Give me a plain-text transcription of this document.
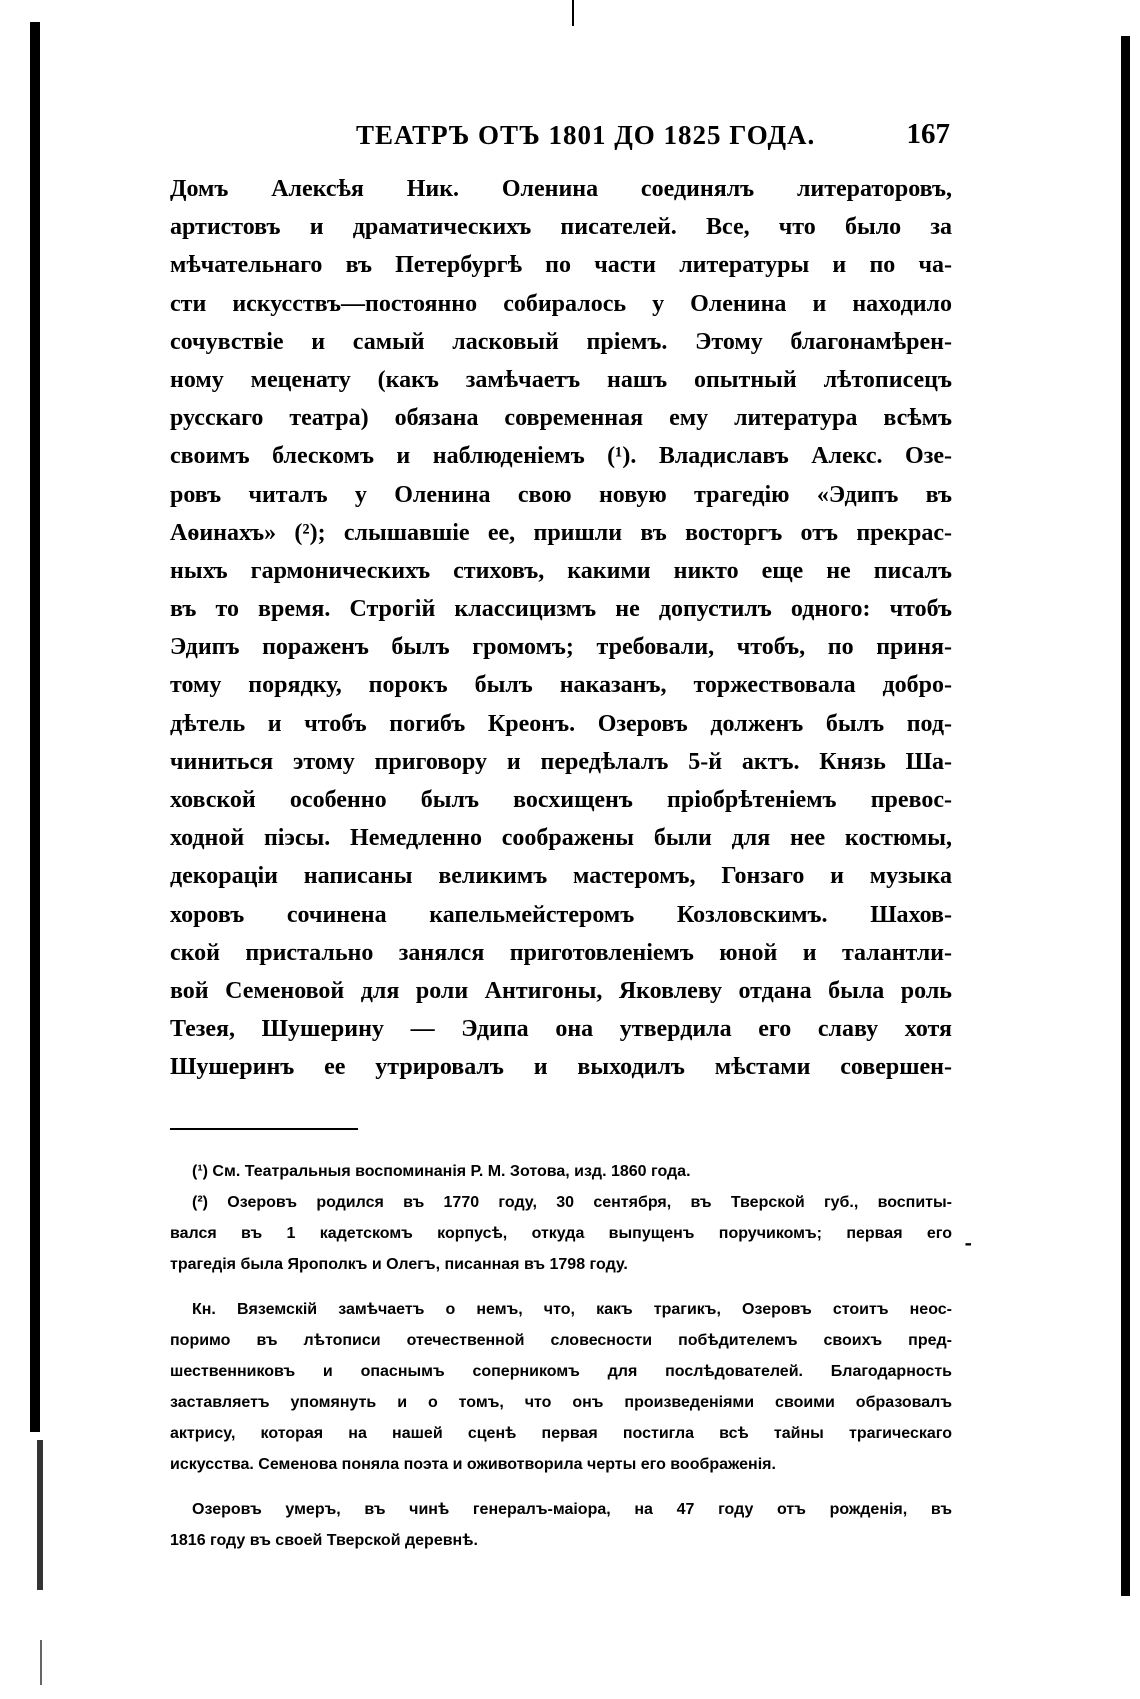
ТЕАТРЪ ОТЪ 1801 ДО 1825 ГОДА.	167
Домъ Алексѣя Ник. Оленина соединялъ литераторовъ,
артистовъ и драматическихъ писателей. Все, что было за
мѣчательнаго въ Петербургѣ по части литературы и по ча-
сти искусствъ—постоянно собиралось у Оленина и находило
сочувствіе и самый ласковый пріемъ. Этому благонамѣрен-
ному меценату (какъ замѣчаетъ нашъ опытный лѣтописецъ
русскаго театра) обязана современная ему литература всѣмъ
своимъ блескомъ и наблюденіемъ (¹). Владиславъ Алекс. Озе-
ровъ читалъ у Оленина свою новую трагедію «Эдипъ въ
Аѳинахъ» (²); слышавшіе ее, пришли въ восторгъ отъ прекрас-
ныхъ гармоническихъ стиховъ, какими никто еще не писалъ
въ то время. Строгій классицизмъ не допустилъ одного: чтобъ
Эдипъ пораженъ былъ громомъ; требовали, чтобъ, по приня-
тому порядку, порокъ былъ наказанъ, торжествовала добро-
дѣтель и чтобъ погибъ Креонъ. Озеровъ долженъ былъ под-
чиниться этому приговору и передѣлалъ 5-й актъ. Князь Ша-
ховской особенно былъ восхищенъ пріобрѣтеніемъ превос-
ходной піэсы. Немедленно соображены были для нее костюмы,
декораціи написаны великимъ мастеромъ, Гонзаго и музыка
хоровъ сочинена капельмейстеромъ Козловскимъ. Шахов-
ской пристально занялся приготовленіемъ юной и талантли-
вой Семеновой для роли Антигоны, Яковлеву отдана была роль
Тезея, Шушерину — Эдипа она утвердила его славу хотя
Шушеринъ ее утрировалъ и выходилъ мѣстами совершен-
(¹) См. Театральныя воспоминанія Р. М. Зотова, изд. 1860 года.
(²) Озеровъ родился въ 1770 году, 30 сентября, въ Тверской губ., воспиты-
вался въ 1 кадетскомъ корпусѣ, откуда выпущенъ поручикомъ; первая его
трагедія была Ярополкъ и Олегъ, писанная въ 1798 году.
Кн. Вяземскій замѣчаетъ о немъ, что, какъ трагикъ, Озеровъ стоитъ неос-
поримо въ лѣтописи отечественной словесности побѣдителемъ своихъ пред-
шественниковъ и опаснымъ соперникомъ для послѣдователей. Благодарность
заставляетъ упомянуть и о томъ, что онъ произведеніями своими образовалъ
актрису, которая на нашей сценѣ первая постигла всѣ тайны трагическаго
искусства. Семенова поняла поэта и оживотворила черты его воображенія.
Озеровъ умеръ, въ чинѣ генералъ-маіора, на 47 году отъ рожденія, въ
1816 году въ своей Тверской деревнѣ.
-
